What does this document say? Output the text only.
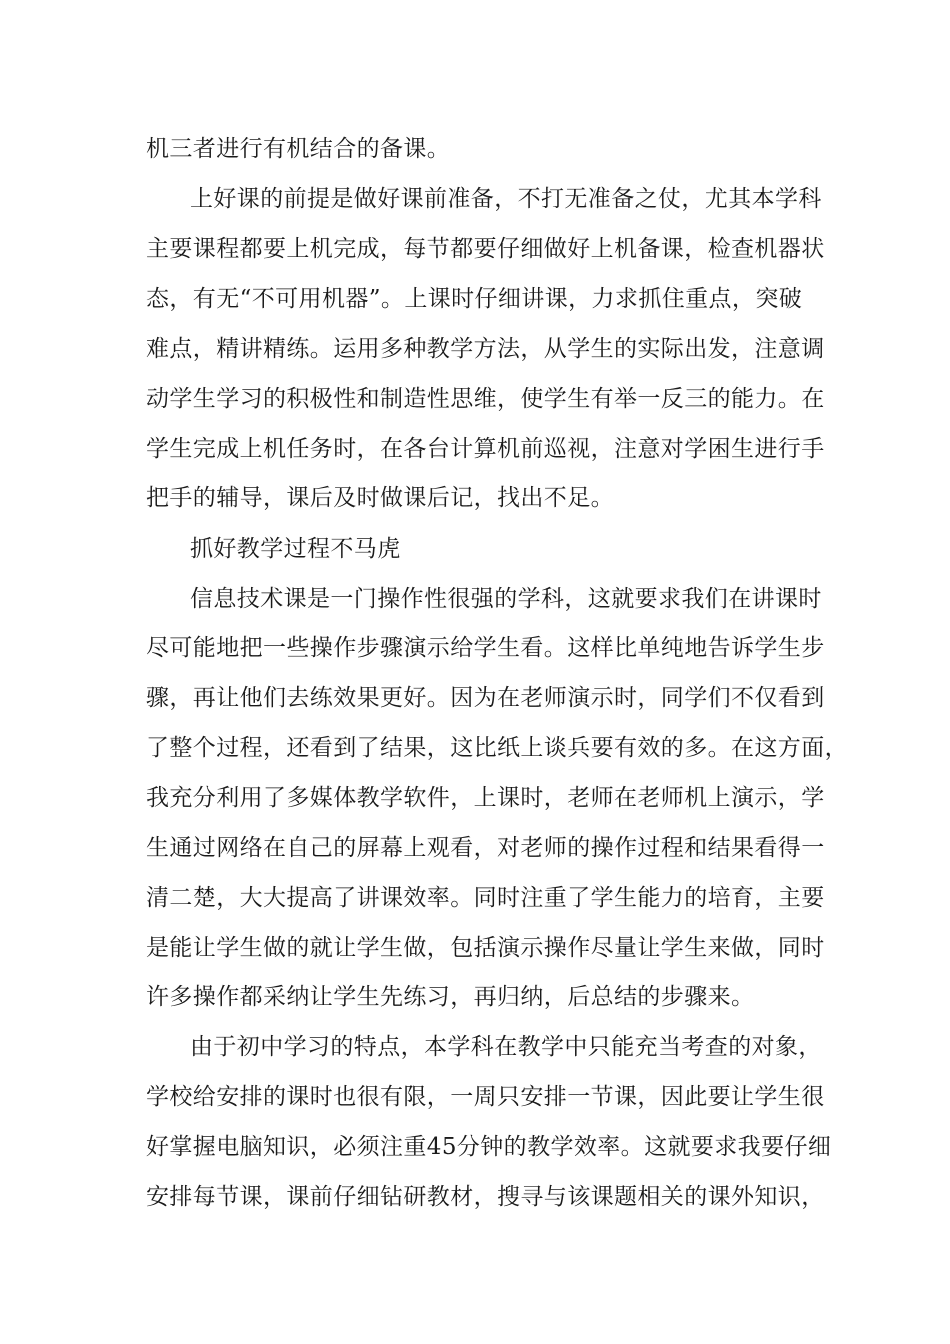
机三者进行有机结合的备课。
上好课的前提是做好课前准备，不打无准备之仗，尤其本学科
主要课程都要上机完成，每节都要仔细做好上机备课，检查机器状
态，有无“不可用机器”。上课时仔细讲课，力求抓住重点，突破
难点，精讲精练。运用多种教学方法，从学生的实际出发，注意调
动学生学习的积极性和制造性思维，使学生有举一反三的能力。在
学生完成上机任务时，在各台计算机前巡视，注意对学困生进行手
把手的辅导，课后及时做课后记，找出不足。
抓好教学过程不马虎
信息技术课是一门操作性很强的学科，这就要求我们在讲课时
尽可能地把一些操作步骤演示给学生看。这样比单纯地告诉学生步
骤，再让他们去练效果更好。因为在老师演示时，同学们不仅看到
了整个过程，还看到了结果，这比纸上谈兵要有效的多。在这方面，
我充分利用了多媒体教学软件，上课时，老师在老师机上演示，学
生通过网络在自己的屏幕上观看，对老师的操作过程和结果看得一
清二楚，大大提高了讲课效率。同时注重了学生能力的培育，主要
是能让学生做的就让学生做，包括演示操作尽量让学生来做，同时
许多操作都采纳让学生先练习，再归纳，后总结的步骤来。
由于初中学习的特点，本学科在教学中只能充当考查的对象，
学校给安排的课时也很有限，一周只安排一节课，因此要让学生很
好掌握电脑知识，必须注重45分钟的教学效率。这就要求我要仔细
安排每节课，课前仔细钻研教材，搜寻与该课题相关的课外知识，
